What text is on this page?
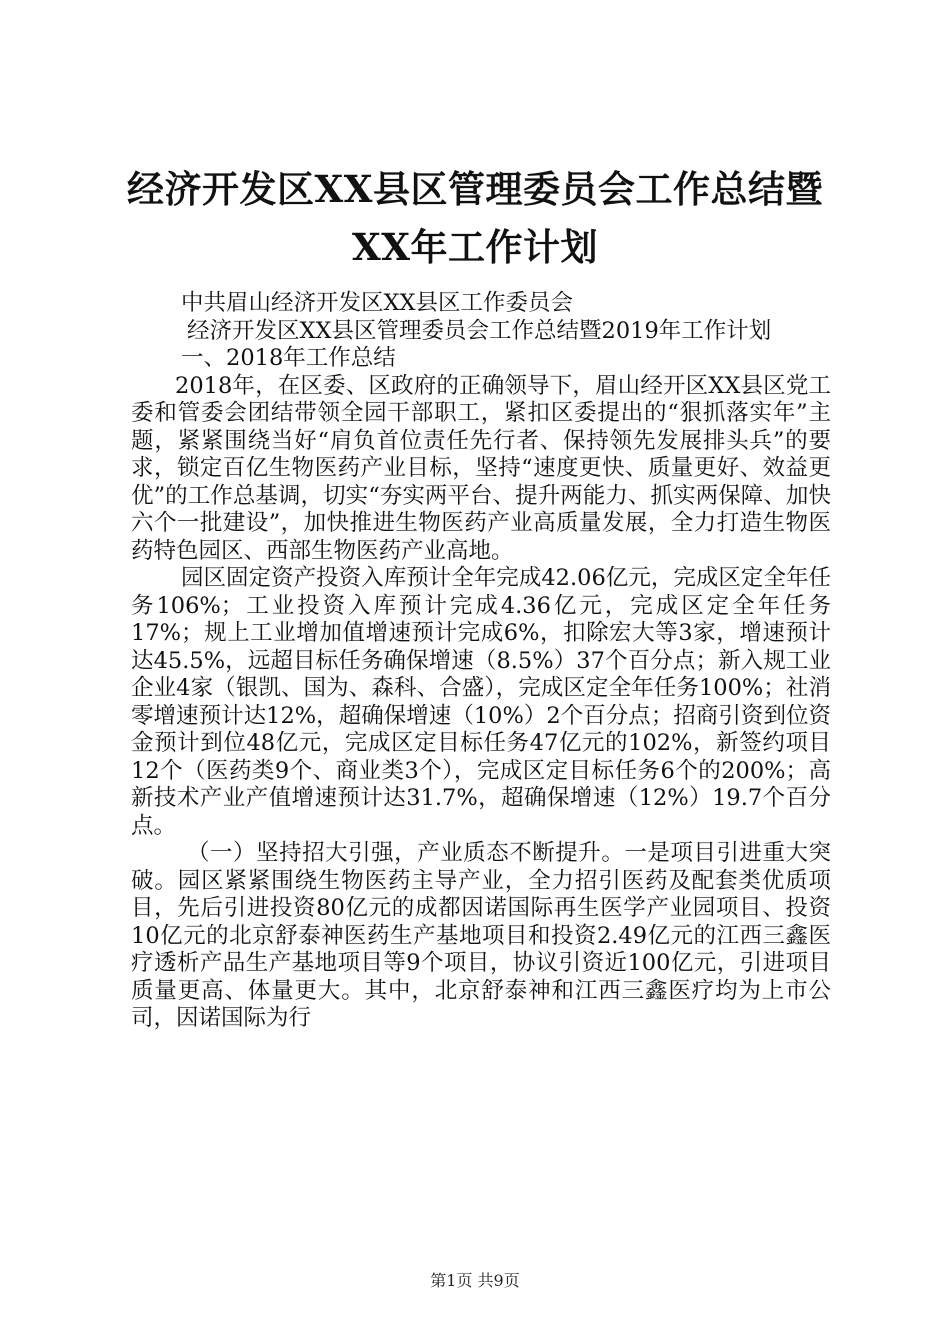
经济开发区XX县区管理委员会工作总结暨XX年工作计划

中共眉山经济开发区XX县区工作委员会

经济开发区XX县区管理委员会工作总结暨2019年工作计划

一、2018年工作总结

2018年，在区委、区政府的正确领导下，眉山经开区XX县区党工委和管委会团结带领全园干部职工，紧扣区委提出的“狠抓落实年”主题，紧紧围绕当好“肩负首位责任先行者、保持领先发展排头兵”的要求，锁定百亿生物医药产业目标，坚持“速度更快、质量更好、效益更优”的工作总基调，切实“夯实两平台、提升两能力、抓实两保障、加快六个一批建设”，加快推进生物医药产业高质量发展，全力打造生物医药特色园区、西部生物医药产业高地。

园区固定资产投资入库预计全年完成42.06亿元，完成区定全年任务106%；工业投资入库预计完成4.36亿元，完成区定全年任务17%；规上工业增加值增速预计完成6%，扣除宏大等3家，增速预计达45.5%，远超目标任务确保增速（8.5%）37个百分点；新入规工业企业4家（银凯、国为、森科、合盛），完成区定全年任务100%；社消零增速预计达12%，超确保增速（10%）2个百分点；招商引资到位资金预计到位48亿元，完成区定目标任务47亿元的102%，新签约项目12个（医药类9个、商业类3个），完成区定目标任务6个的200%；高新技术产业产值增速预计达31.7%，超确保增速（12%）19.7个百分点。

（一）坚持招大引强，产业质态不断提升。一是项目引进重大突破。园区紧紧围绕生物医药主导产业，全力招引医药及配套类优质项目，先后引进投资80亿元的成都因诺国际再生医学产业园项目、投资10亿元的北京舒泰神医药生产基地项目和投资2.49亿元的江西三鑫医疗透析产品生产基地项目等9个项目，协议引资近100亿元，引进项目质量更高、体量更大。其中，北京舒泰神和江西三鑫医疗均为上市公司，因诺国际为行

第1页 共9页
